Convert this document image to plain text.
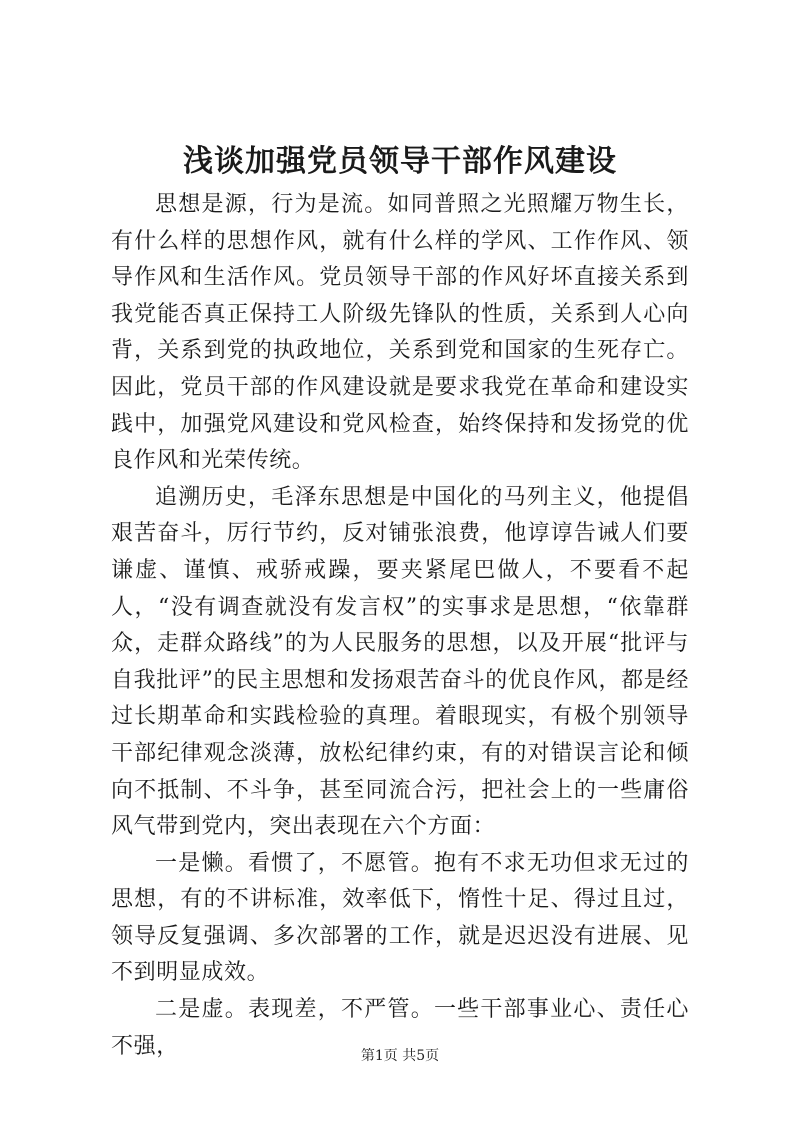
浅谈加强党员领导干部作风建设

思想是源，行为是流。如同普照之光照耀万物生长，有什么样的思想作风，就有什么样的学风、工作作风、领导作风和生活作风。党员领导干部的作风好坏直接关系到我党能否真正保持工人阶级先锋队的性质，关系到人心向背，关系到党的执政地位，关系到党和国家的生死存亡。因此，党员干部的作风建设就是要求我党在革命和建设实践中，加强党风建设和党风检查，始终保持和发扬党的优良作风和光荣传统。

追溯历史，毛泽东思想是中国化的马列主义，他提倡艰苦奋斗，厉行节约，反对铺张浪费，他谆谆告诫人们要谦虚、谨慎、戒骄戒躁，要夹紧尾巴做人，不要看不起人，“没有调查就没有发言权”的实事求是思想，“依靠群众，走群众路线”的为人民服务的思想，以及开展“批评与自我批评”的民主思想和发扬艰苦奋斗的优良作风，都是经过长期革命和实践检验的真理。着眼现实，有极个别领导干部纪律观念淡薄，放松纪律约束，有的对错误言论和倾向不抵制、不斗争，甚至同流合污，把社会上的一些庸俗风气带到党内，突出表现在六个方面：

一是懒。看惯了，不愿管。抱有不求无功但求无过的思想，有的不讲标准，效率低下，惰性十足、得过且过，领导反复强调、多次部署的工作，就是迟迟没有进展、见不到明显成效。

二是虚。表现差，不严管。一些干部事业心、责任心不强，	第1页 共5页
